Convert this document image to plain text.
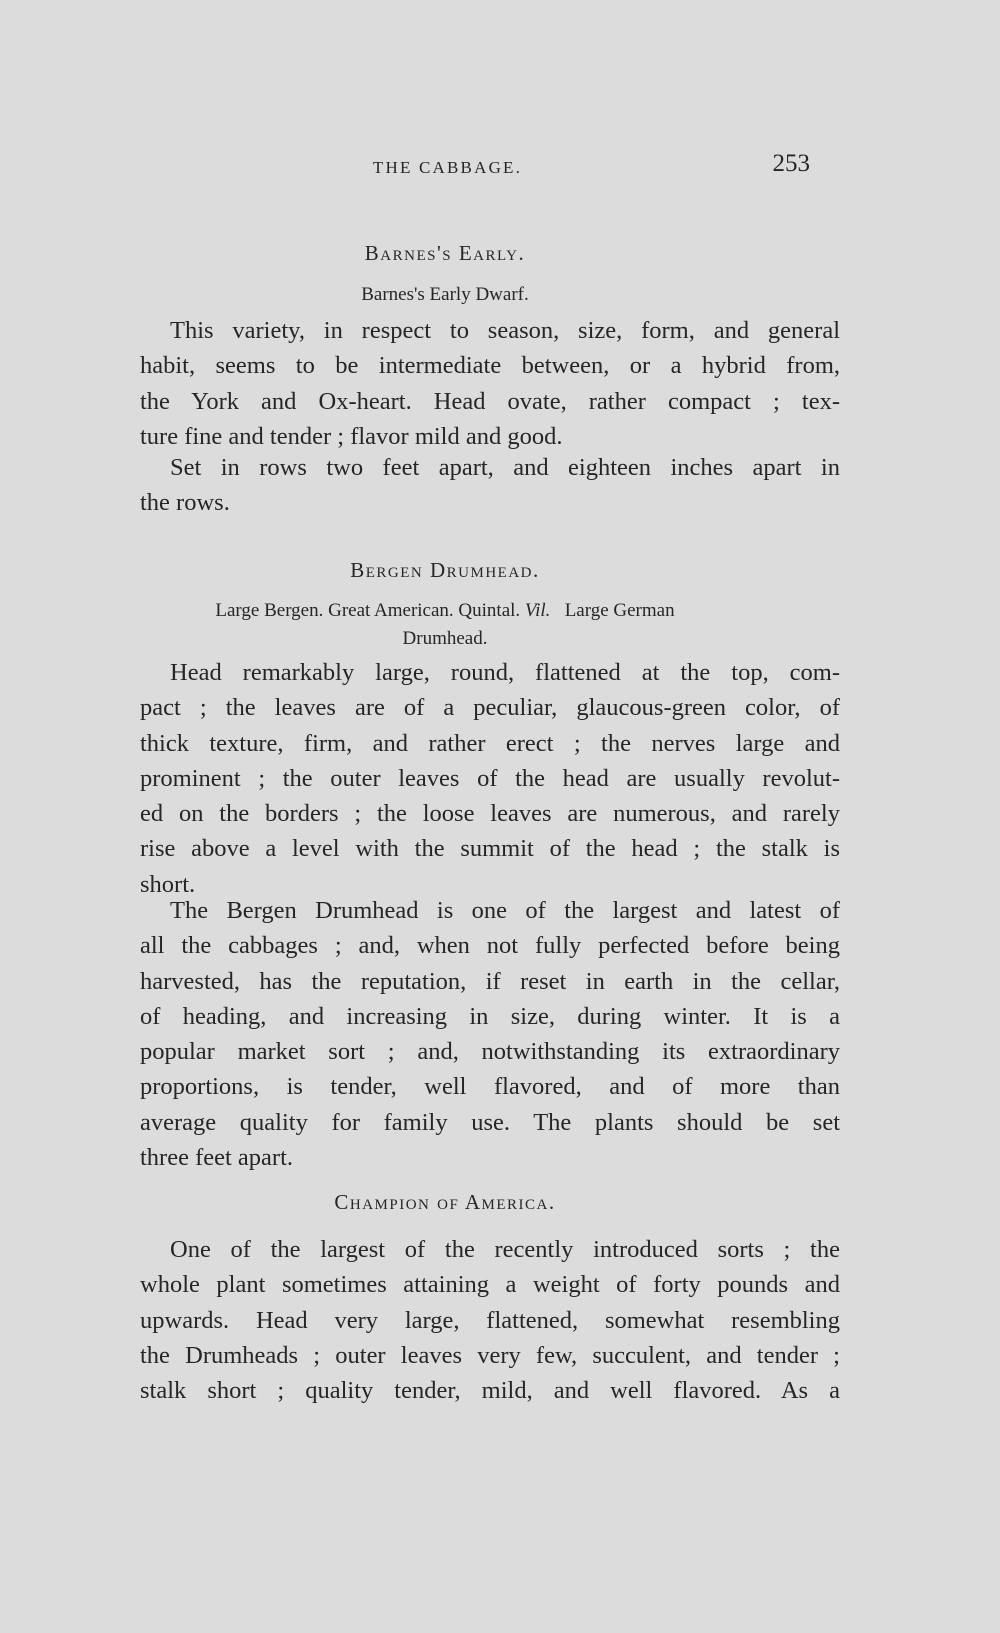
THE CABBAGE.	253
Barnes's Early.
Barnes's Early Dwarf.
This variety, in respect to season, size, form, and general
habit, seems to be intermediate between, or a hybrid from,
the York and Ox-heart. Head ovate, rather compact ; tex-
ture fine and tender ; flavor mild and good.
Set in rows two feet apart, and eighteen inches apart in
the rows.
Bergen Drumhead.
Large Bergen. Great American. Quintal. Vil. Large German
Drumhead.
Head remarkably large, round, flattened at the top, com-
pact ; the leaves are of a peculiar, glaucous-green color, of
thick texture, firm, and rather erect ; the nerves large and
prominent ; the outer leaves of the head are usually revolut-
ed on the borders ; the loose leaves are numerous, and rarely
rise above a level with the summit of the head ; the stalk is
short.
The Bergen Drumhead is one of the largest and latest of
all the cabbages ; and, when not fully perfected before being
harvested, has the reputation, if reset in earth in the cellar,
of heading, and increasing in size, during winter. It is a
popular market sort ; and, notwithstanding its extraordinary
proportions, is tender, well flavored, and of more than
average quality for family use. The plants should be set
three feet apart.
Champion of America.
One of the largest of the recently introduced sorts ; the
whole plant sometimes attaining a weight of forty pounds and
upwards. Head very large, flattened, somewhat resembling
the Drumheads ; outer leaves very few, succulent, and tender ;
stalk short ; quality tender, mild, and well flavored. As a
